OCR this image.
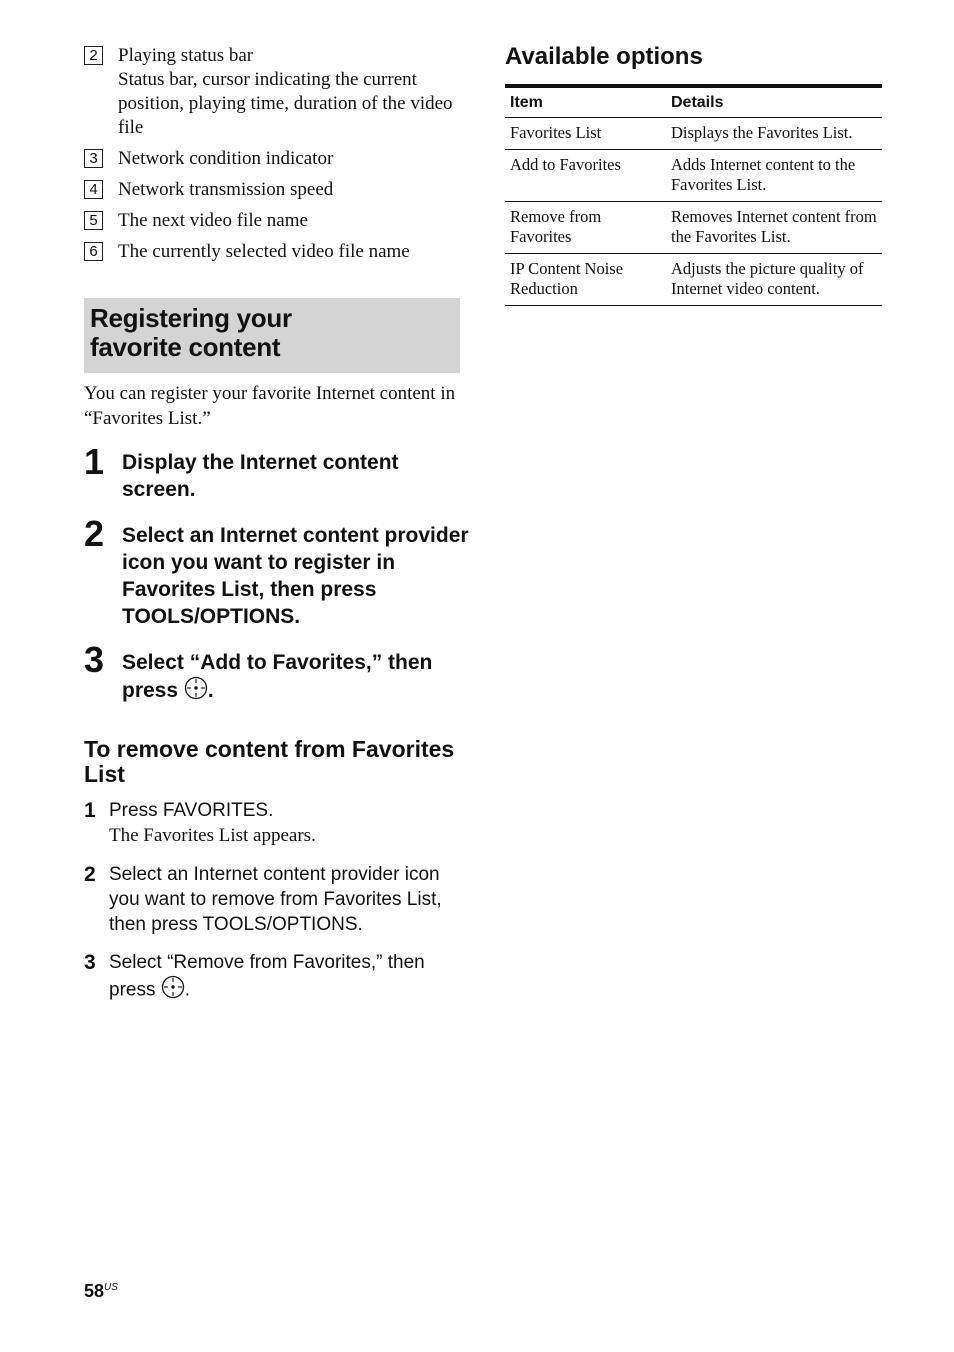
2 Playing status bar
Status bar, cursor indicating the current position, playing time, duration of the video file
3 Network condition indicator
4 Network transmission speed
5 The next video file name
6 The currently selected video file name
Registering your favorite content
You can register your favorite Internet content in “Favorites List.”
1 Display the Internet content screen.
2 Select an Internet content provider icon you want to register in Favorites List, then press TOOLS/OPTIONS.
3 Select “Add to Favorites,” then press .
To remove content from Favorites List
1 Press FAVORITES.
The Favorites List appears.
2 Select an Internet content provider icon you want to remove from Favorites List, then press TOOLS/OPTIONS.
3 Select “Remove from Favorites,” then press .
Available options
Item	Details
Favorites List	Displays the Favorites List.
Add to Favorites	Adds Internet content to the Favorites List.
Remove from Favorites	Removes Internet content from the Favorites List.
IP Content Noise Reduction	Adjusts the picture quality of Internet video content.
$58^{US}$
